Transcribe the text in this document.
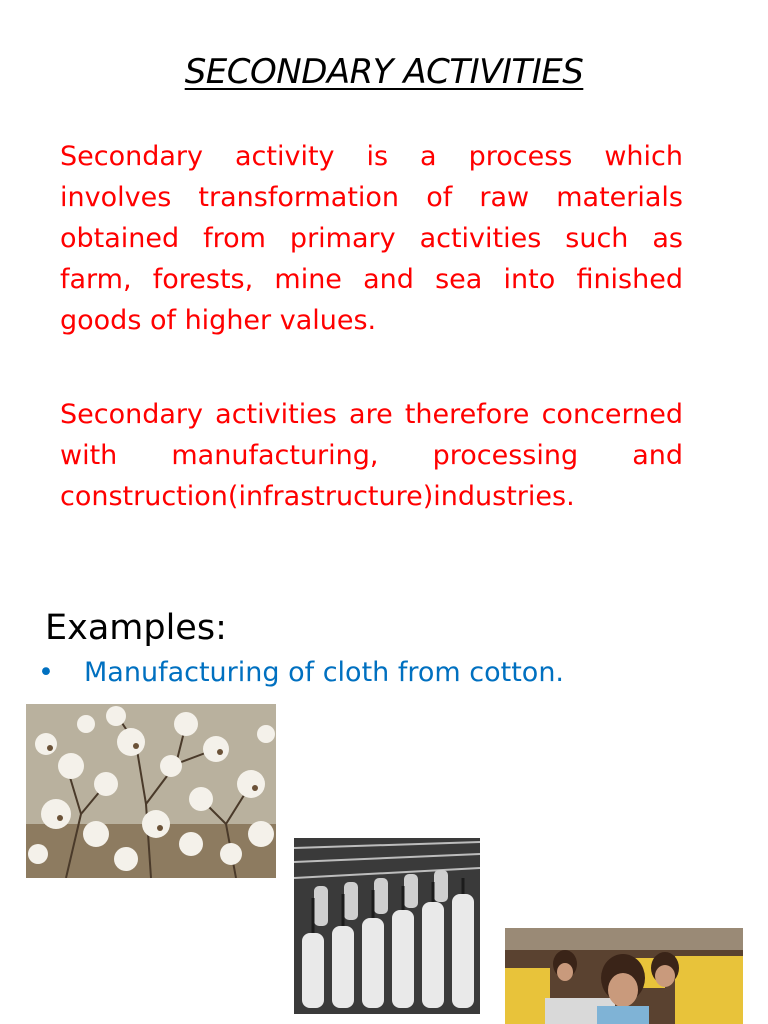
SECONDARY ACTIVITIES

Secondary activity is a process which involves transformation of raw materials obtained from primary activities such as farm, forests, mine and sea into finished goods of higher values.

Secondary activities are therefore concerned with manufacturing, processing and construction(infrastructure)industries.

Examples:
• Manufacturing of cloth from cotton.
